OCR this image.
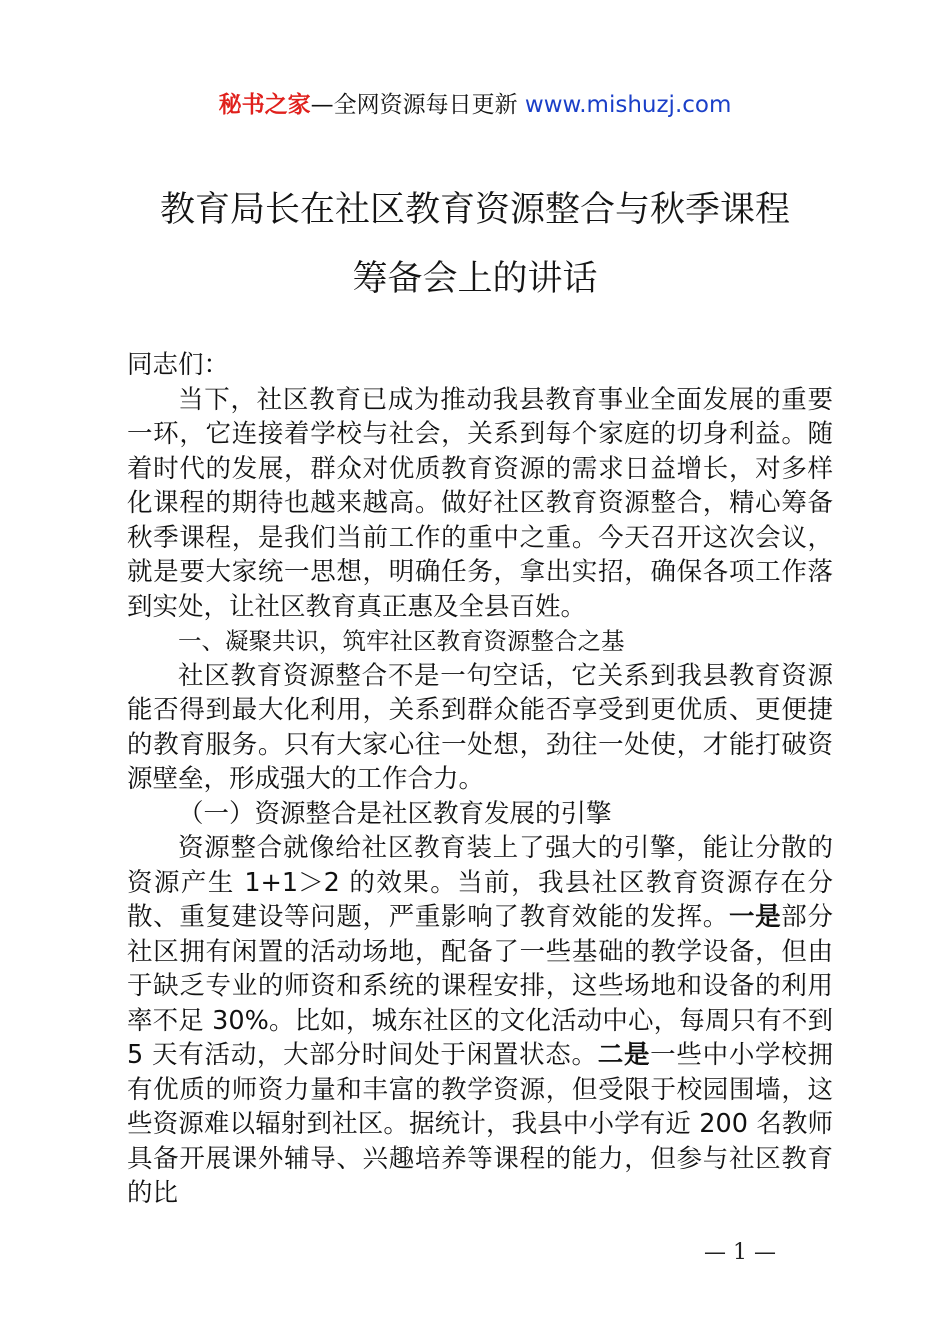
秘书之家—全网资源每日更新 www.mishuzj.com
教育局长在社区教育资源整合与秋季课程
筹备会上的讲话

同志们：

当下，社区教育已成为推动我县教育事业全面发展的重要一环，它连接着学校与社会，关系到每个家庭的切身利益。随着时代的发展，群众对优质教育资源的需求日益增长，对多样化课程的期待也越来越高。做好社区教育资源整合，精心筹备秋季课程，是我们当前工作的重中之重。今天召开这次会议，就是要大家统一思想，明确任务，拿出实招，确保各项工作落到实处，让社区教育真正惠及全县百姓。

一、凝聚共识，筑牢社区教育资源整合之基

社区教育资源整合不是一句空话，它关系到我县教育资源能否得到最大化利用，关系到群众能否享受到更优质、更便捷的教育服务。只有大家心往一处想，劲往一处使，才能打破资源壁垒，形成强大的工作合力。

（一）资源整合是社区教育发展的引擎

资源整合就像给社区教育装上了强大的引擎，能让分散的资源产生 1+1＞2 的效果。当前，我县社区教育资源存在分散、重复建设等问题，严重影响了教育效能的发挥。一是部分社区拥有闲置的活动场地，配备了一些基础的教学设备，但由于缺乏专业的师资和系统的课程安排，这些场地和设备的利用率不足 30%。比如，城东社区的文化活动中心，每周只有不到 5 天有活动，大部分时间处于闲置状态。二是一些中小学校拥有优质的师资力量和丰富的教学资源，但受限于校园围墙，这些资源难以辐射到社区。据统计，我县中小学有近 200 名教师具备开展课外辅导、兴趣培养等课程的能力，但参与社区教育的比

— 1 —
